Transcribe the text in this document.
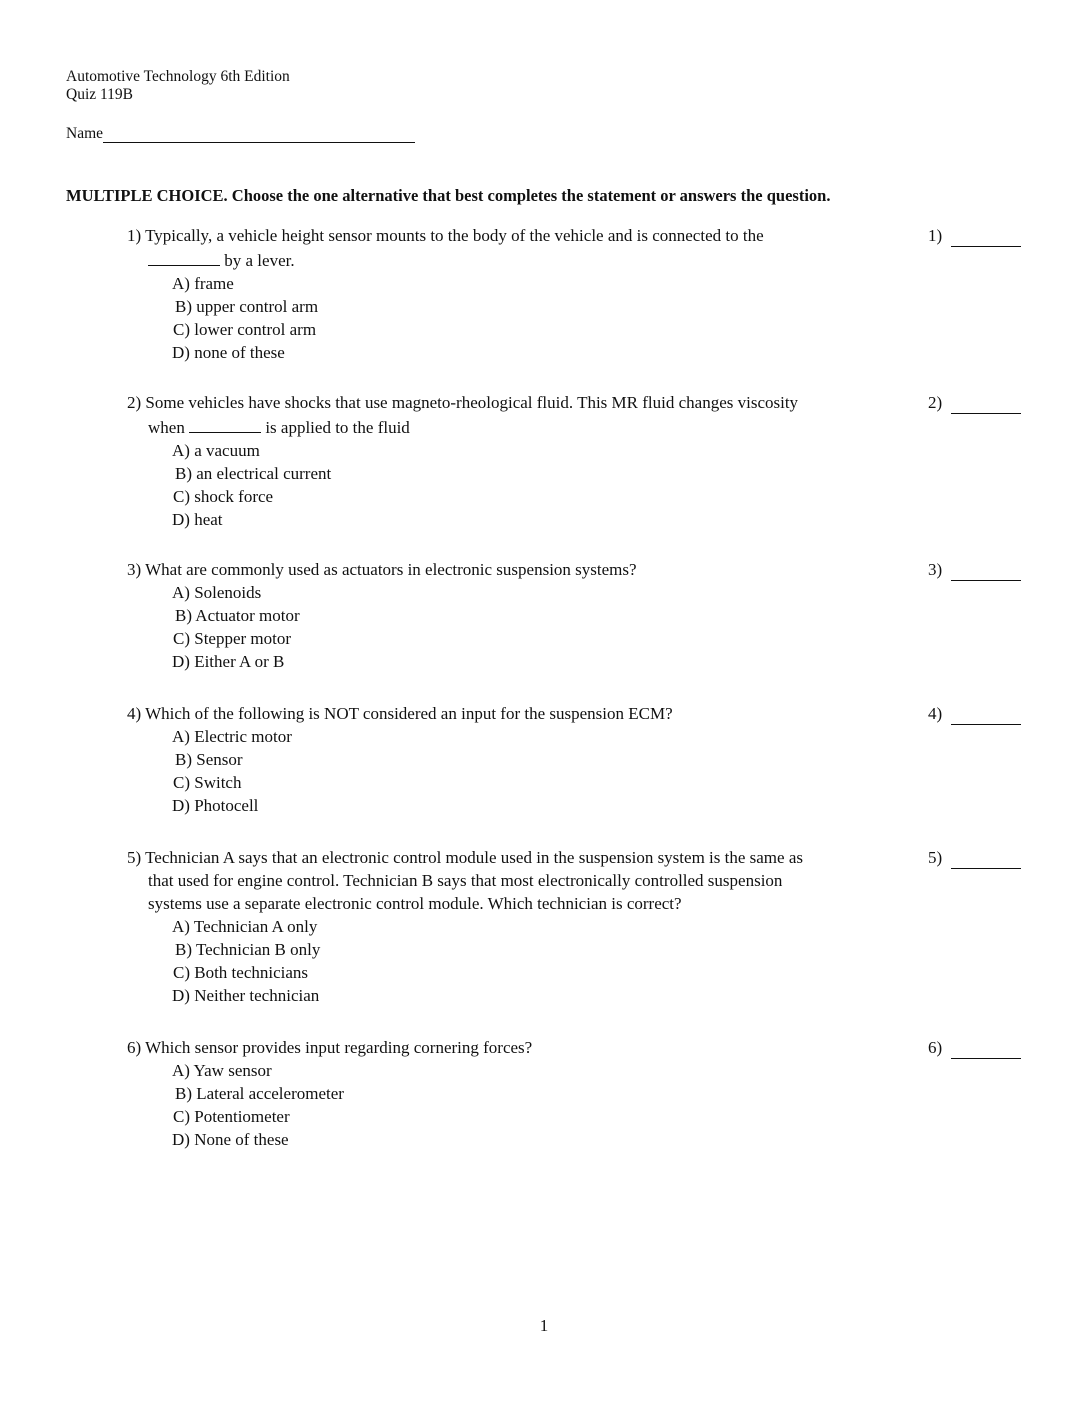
Automotive Technology 6th Edition
Quiz 119B
Name
MULTIPLE CHOICE. Choose the one alternative that best completes the statement or answers the question.
1) Typically, a vehicle height sensor mounts to the body of the vehicle and is connected to the
by a lever.
A) frame
B) upper control arm
C) lower control arm
D) none of these
1)
2) Some vehicles have shocks that use magneto-rheological fluid. This MR fluid changes viscosity
when	is applied to the fluid
A) a vacuum
B) an electrical current
C) shock force
D) heat
2)
3) What are commonly used as actuators in electronic suspension systems?
A) Solenoids
B) Actuator motor
C) Stepper motor
D) Either A or B
3)
4) Which of the following is NOT considered an input for the suspension ECM?
A) Electric motor
B) Sensor
C) Switch
D) Photocell
4)
5) Technician A says that an electronic control module used in the suspension system is the same as
that used for engine control. Technician B says that most electronically controlled suspension
systems use a separate electronic control module. Which technician is correct?
A) Technician A only
B) Technician B only
C) Both technicians
D) Neither technician
5)
6) Which sensor provides input regarding cornering forces?
A) Yaw sensor
B) Lateral accelerometer
C) Potentiometer
D) None of these
6)
1
